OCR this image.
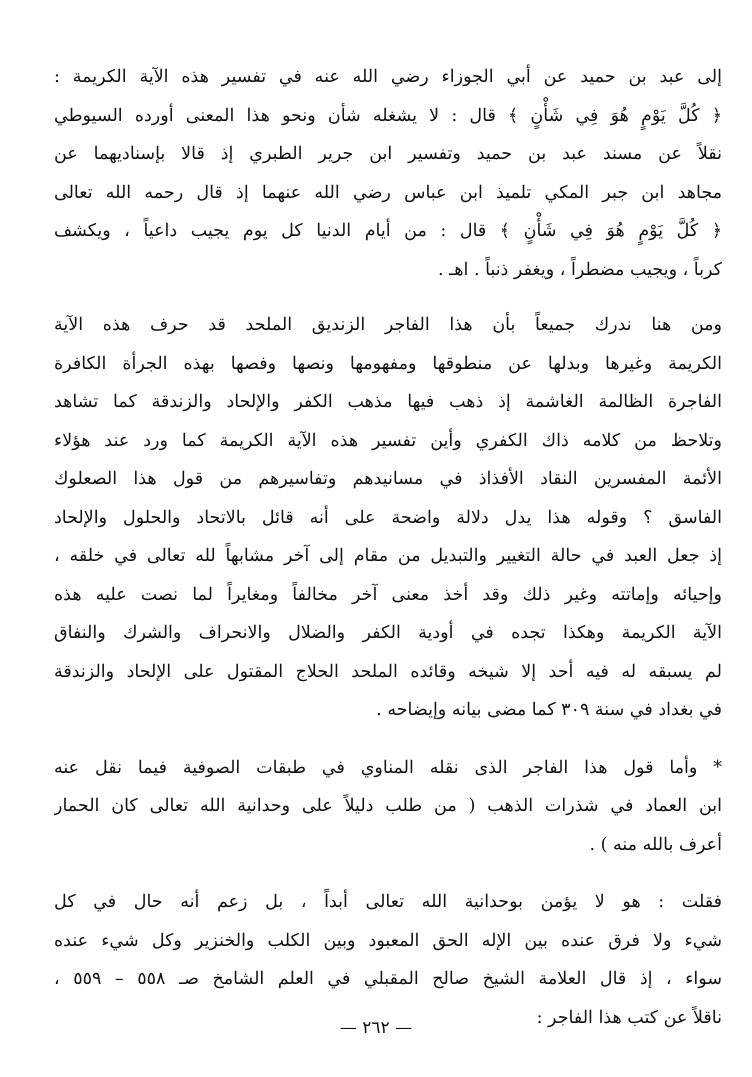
إلى عبد بن حميد عن أبي الجوزاء رضي الله عنه في تفسير هذه الآية الكريمة :
﴿ كُلَّ يَوْمٍ هُوَ فِي شَأْنٍ ﴾ قال : لا يشغله شأن ونحو هذا المعنى أورده السيوطي
نقلاً عن مسند عبد بن حميد وتفسير ابن جرير الطبري إذ قالا بإسناديهما عن
مجاهد ابن جبر المكي تلميذ ابن عباس رضي الله عنهما إذ قال رحمه الله تعالى
﴿ كُلَّ يَوْمٍ هُوَ فِي شَأْنٍ ﴾ قال : من أيام الدنيا كل يوم يجيب داعياً ، ويكشف
كرباً ، ويجيب مضطراً ، ويغفر ذنباً . اهـ .
ومن هنا ندرك جميعاً بأن هذا الفاجر الزنديق الملحد قد حرف هذه الآية
الكريمة وغيرها وبدلها عن منطوقها ومفهومها ونصها وفصها بهذه الجرأة الكافرة
الفاجرة الظالمة الغاشمة إذ ذهب فيها مذهب الكفر والإلحاد والزندقة كما تشاهد
وتلاحظ من كلامه ذاك الكفري وأين تفسير هذه الآية الكريمة كما ورد عند هؤلاء
الأئمة المفسرين النقاد الأفذاذ في مسانيدهم وتفاسيرهم من قول هذا الصعلوك
الفاسق ؟ وقوله هذا يدل دلالة واضحة على أنه قائل بالاتحاد والحلول والإلحاد
إذ جعل العبد في حالة التغيير والتبديل من مقام إلى آخر مشابهاً لله تعالى في خلقه ،
وإحيائه وإماتته وغير ذلك وقد أخذ معنى آخر مخالفاً ومغايراً لما نصت عليه هذه
الآية الكريمة وهكذا تجده في أودية الكفر والضلال والانحراف والشرك والنفاق
لم يسبقه له فيه أحد إلا شيخه وقائده الملحد الحلاج المقتول على الإلحاد والزندقة
في بغداد في سنة ٣٠٩ كما مضى بيانه وإيضاحه .
* وأما قول هذا الفاجر الذى نقله المناوي في طبقات الصوفية فيما نقل عنه
ابن العماد في شذرات الذهب ( من طلب دليلاً على وحدانية الله تعالى كان الحمار
أعرف بالله منه ) .
فقلت : هو لا يؤمن بوحدانية الله تعالى أبداً ، بل زعم أنه حال في كل
شيء ولا فرق عنده بين الإله الحق المعبود وبين الكلب والخنزير وكل شيء عنده
سواء ، إذ قال العلامة الشيخ صالح المقبلي في العلم الشامخ صـ ٥٥٨ – ٥٥٩ ،
ناقلاً عن كتب هذا الفاجر :
— ٢٦٢ —
